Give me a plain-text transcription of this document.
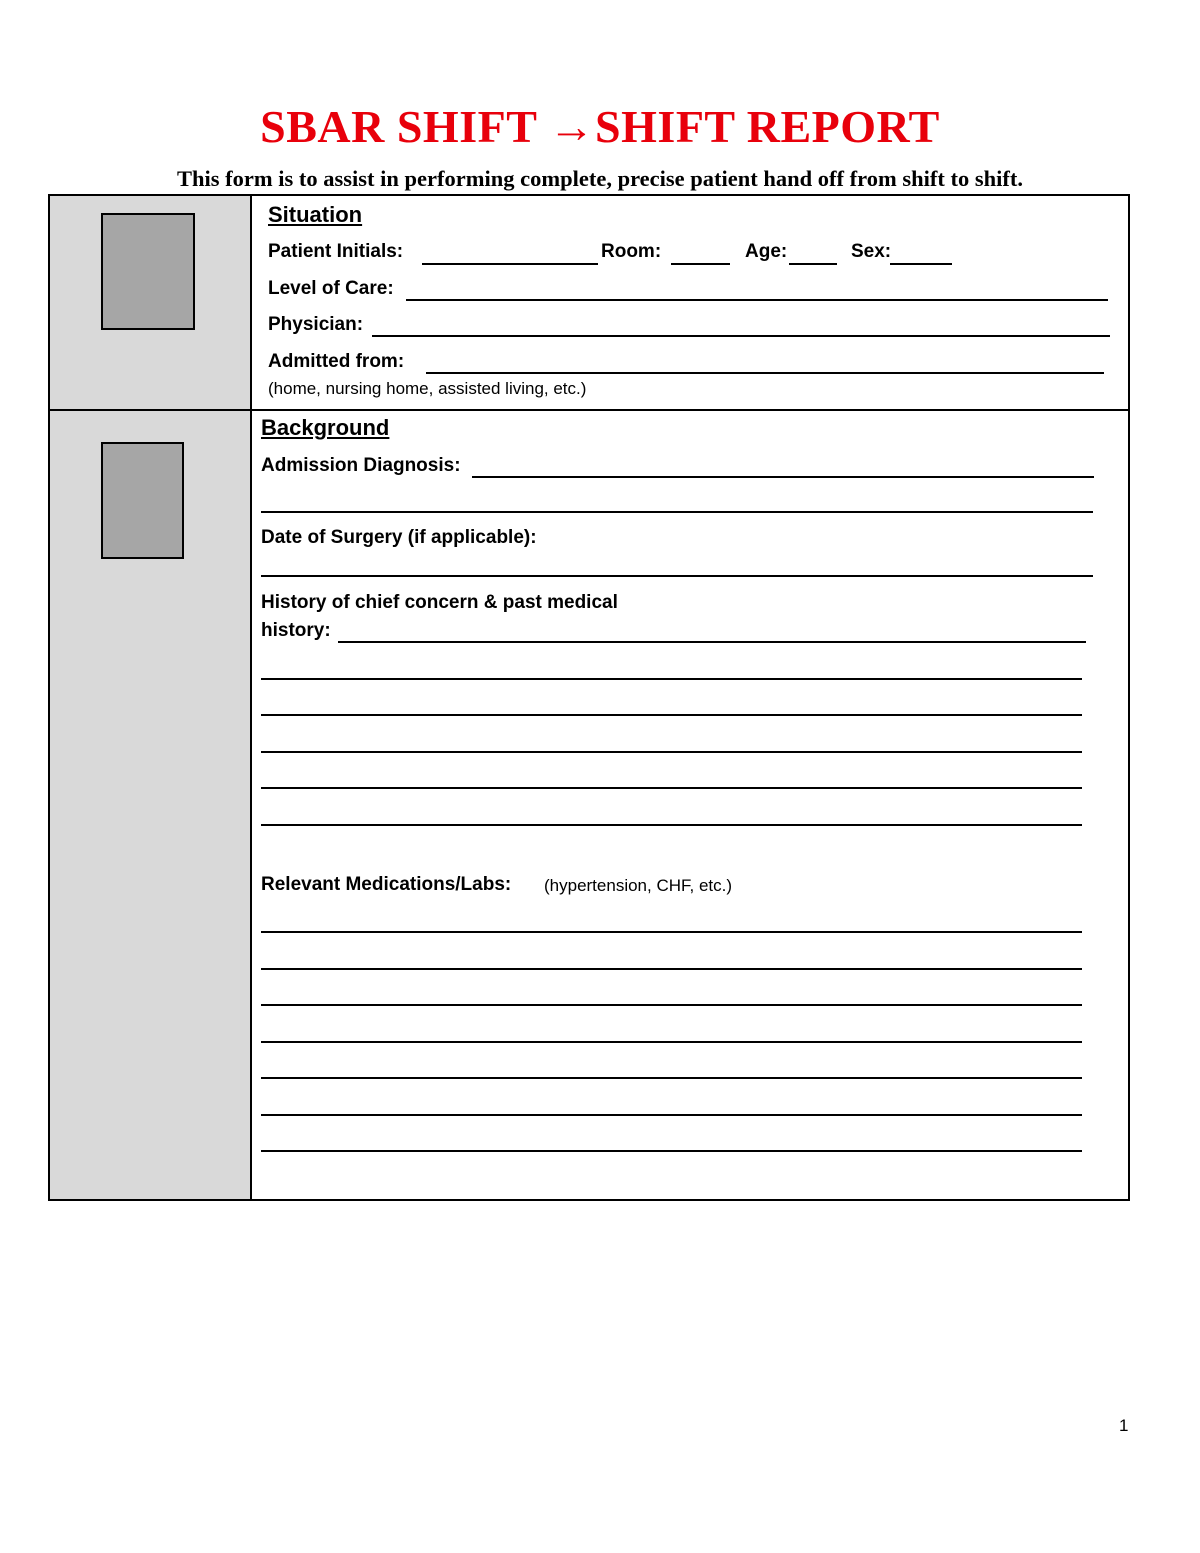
SBAR SHIFT →SHIFT REPORT
This form is to assist in performing complete, precise patient hand off from shift to shift.
Situation
Patient Initials:	Room:	Age:	Sex:
Level of Care:
Physician:
Admitted from:
(home, nursing home, assisted living, etc.)
Background
Admission Diagnosis:
Date of Surgery (if applicable):
History of chief concern & past medical
history:
Relevant Medications/Labs: (hypertension, CHF, etc.)
1
